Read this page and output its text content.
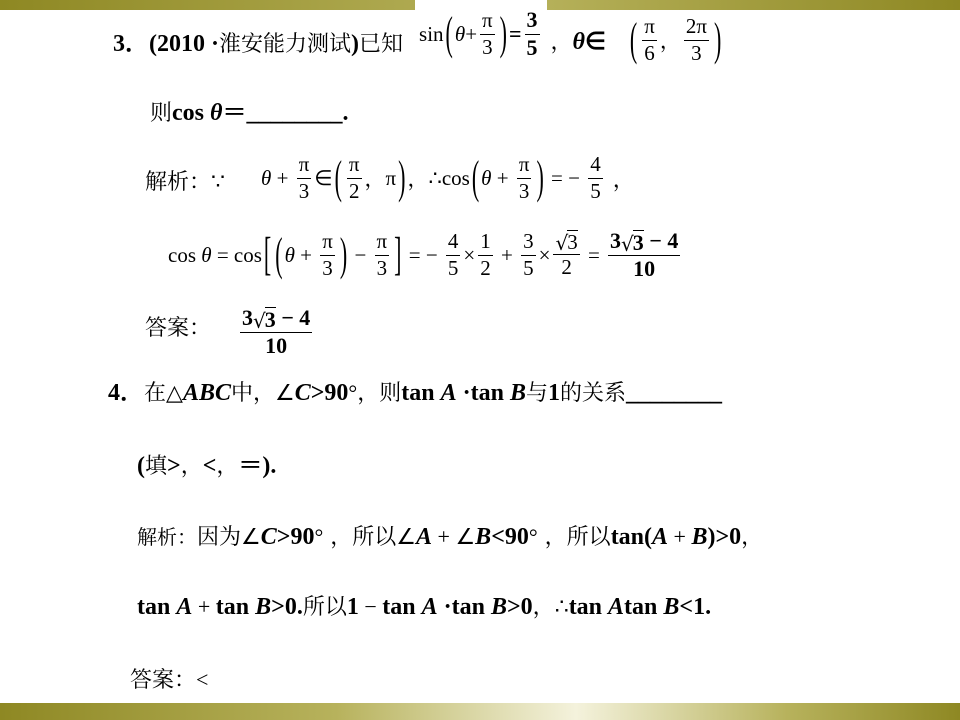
3．(2010 ·淮安能力测试)已知 sin ( $\theta + \frac{\pi}{3}$ ) = $\frac{3}{5}$ ，θ∈ ( $\frac{\pi}{6}$ ， $\frac{2\pi}{3}$ )
则cos θ＝________.
解析：∵ $\theta + \frac{\pi}{3}$ ∈ ( $\frac{\pi}{2}$ ， π ) ， ∴ cos ( $\theta + \frac{\pi}{3}$ ) = − $\frac{4}{5}$ ，
cos θ = cos [ ( $\theta + \frac{\pi}{3}$ ) − $\frac{\pi}{3}$ ] = − $\frac{4}{5} \times \frac{1}{2} + \frac{3}{5} \times \frac{√ 3}{2} = \frac{3 √ 3 - 4}{10}$
答案： $\frac{3 √ 3 - 4}{10}$
4．在△ABC中，∠C>90°，则tan A ·tan B与1的关系________
(填>，<，＝).
解析：因为∠C>90° ，所以∠A + ∠B<90° ，所以tan(A + B)>0，
tan A + tan B>0.所以1 − tan A ·tan B>0，∴tan Atan B<1.
答案：<
